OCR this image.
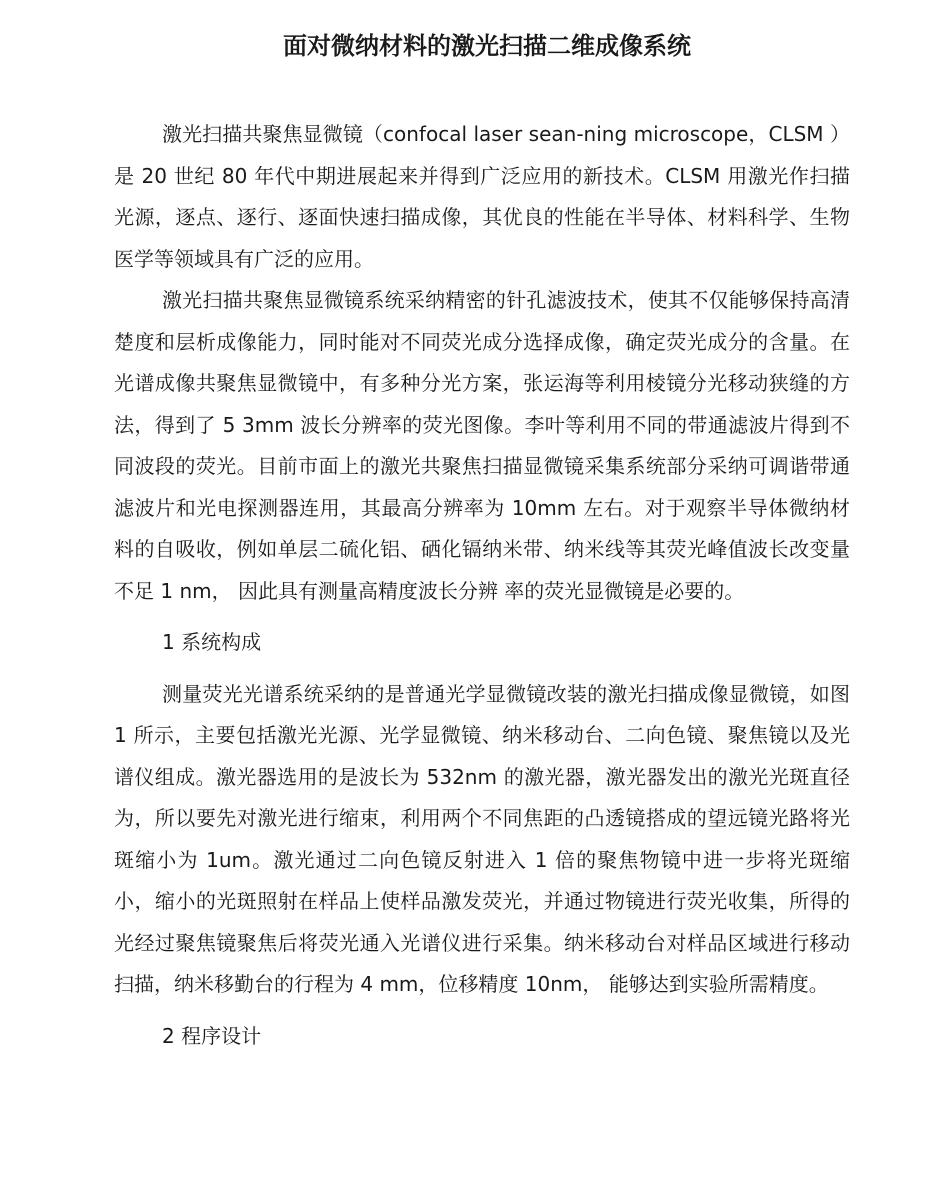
面对微纳材料的激光扫描二维成像系统

激光扫描共聚焦显微镜（confocal laser sean-ning microscope，CLSM ）是 20 世纪 80 年代中期进展起来并得到广泛应用的新技术。CLSM 用激光作扫描光源，逐点、逐行、逐面快速扫描成像，其优良的性能在半导体、材料科学、生物医学等领域具有广泛的应用。

激光扫描共聚焦显微镜系统采纳精密的针孔滤波技术，使其不仅能够保持高清楚度和层析成像能力，同时能对不同荧光成分选择成像，确定荧光成分的含量。在光谱成像共聚焦显微镜中，有多种分光方案，张运海等利用棱镜分光移动狭缝的方法，得到了 5 3mm 波长分辨率的荧光图像。李叶等利用不同的带通滤波片得到不同波段的荧光。目前市面上的激光共聚焦扫描显微镜采集系统部分采纳可调谐带通滤波片和光电探测器连用，其最高分辨率为 10mm 左右。对于观察半导体微纳材料的自吸收，例如单层二硫化铝、硒化镉纳米带、纳米线等其荧光峰值波长改变量不足 1 nm， 因此具有测量高精度波长分辨 率的荧光显微镜是必要的。

1 系统构成

测量荧光光谱系统采纳的是普通光学显微镜改装的激光扫描成像显微镜，如图 1 所示，主要包括激光光源、光学显微镜、纳米移动台、二向色镜、聚焦镜以及光谱仪组成。激光器选用的是波长为 532nm 的激光器，激光器发出的激光光斑直径为，所以要先对激光进行缩束，利用两个不同焦距的凸透镜搭成的望远镜光路将光斑缩小为 1um。激光通过二向色镜反射进入 1 倍的聚焦物镜中进一步将光斑缩小，缩小的光斑照射在样品上使样品激发荧光，并通过物镜进行荧光收集，所得的光经过聚焦镜聚焦后将荧光通入光谱仪进行采集。纳米移动台对样品区域进行移动扫描，纳米移勤台的行程为 4 mm，位移精度 10nm， 能够达到实验所需精度。

2 程序设计
